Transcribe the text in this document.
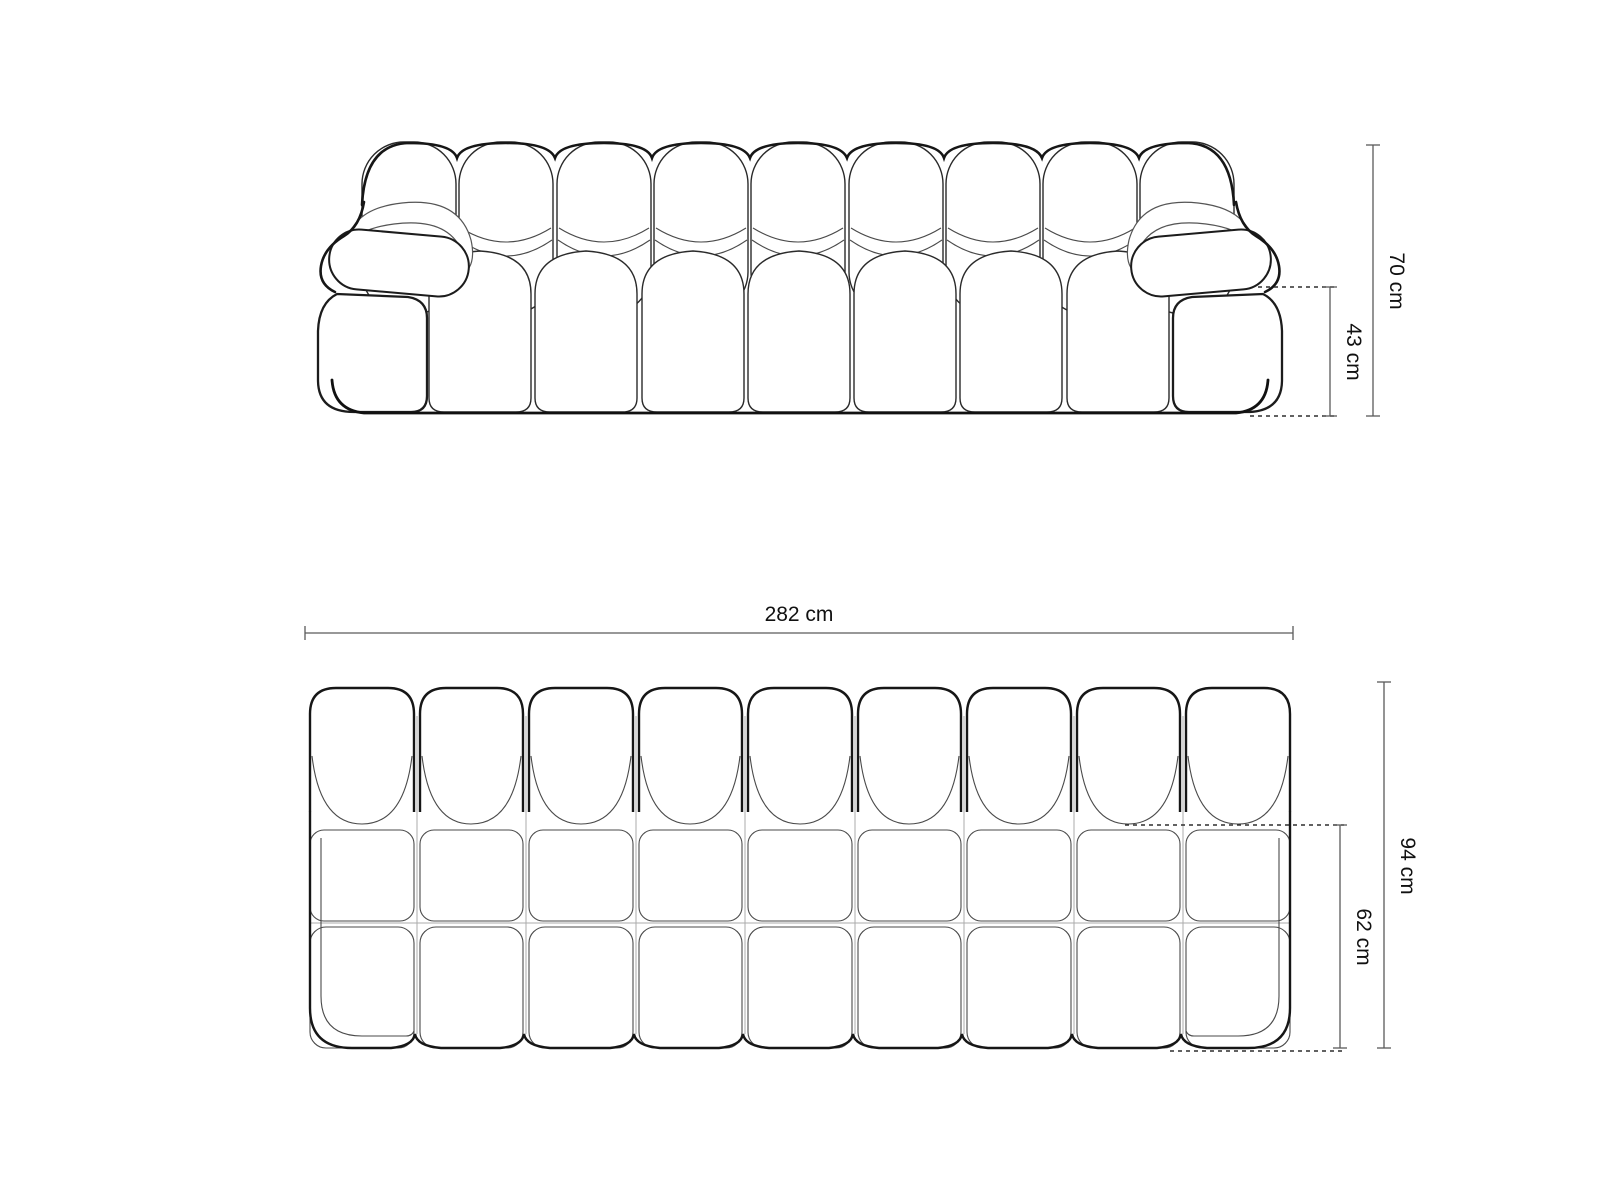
70 cm
43 cm
282 cm
94 cm
62 cm
